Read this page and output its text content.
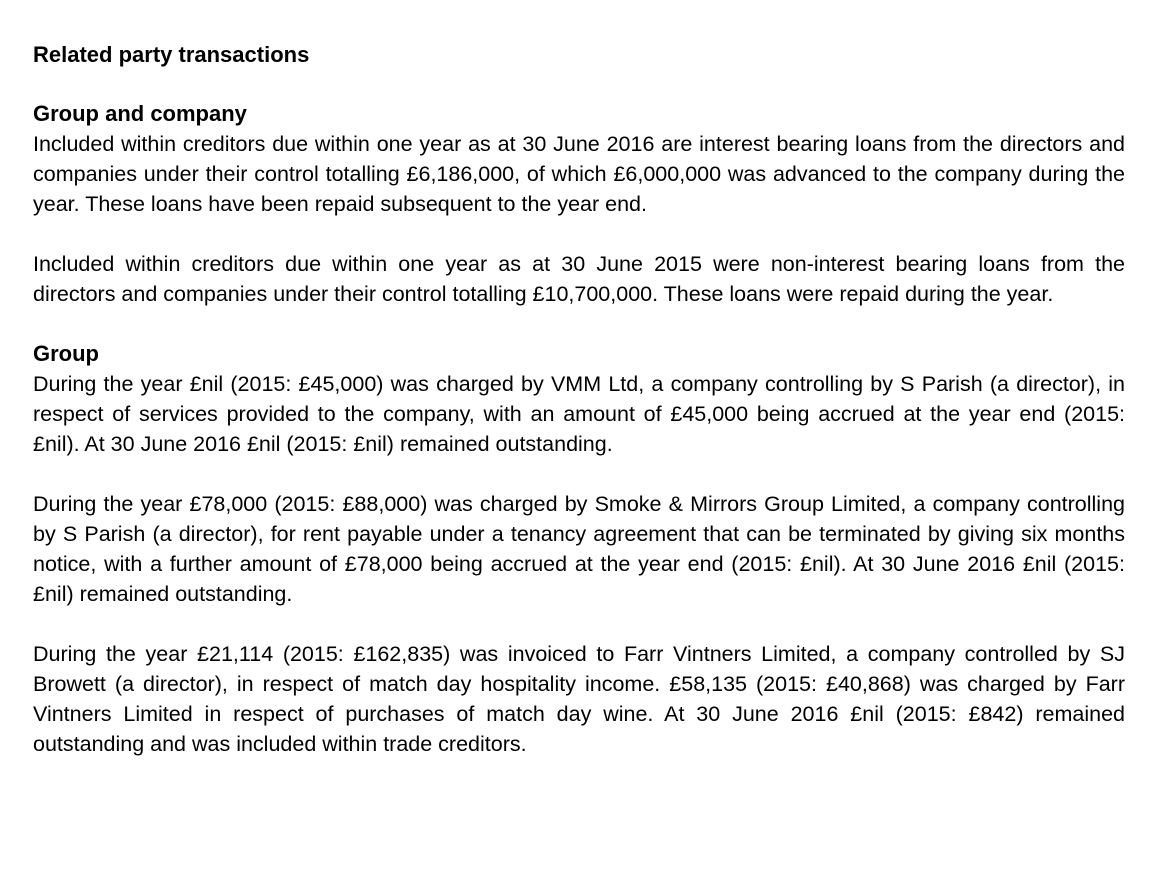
Related party transactions
Group and company

Included within creditors due within one year as at 30 June 2016 are interest bearing loans from the directors and companies under their control totalling £6,186,000, of which £6,000,000 was advanced to the company during the year. These loans have been repaid subsequent to the year end.

Included within creditors due within one year as at 30 June 2015 were non-interest bearing loans from the directors and companies under their control totalling £10,700,000. These loans were repaid during the year.

Group

During the year £nil (2015: £45,000) was charged by VMM Ltd, a company controlling by S Parish (a director), in respect of services provided to the company, with an amount of £45,000 being accrued at the year end (2015: £nil). At 30 June 2016 £nil (2015: £nil) remained outstanding.

During the year £78,000 (2015: £88,000) was charged by Smoke & Mirrors Group Limited, a company controlling by S Parish (a director), for rent payable under a tenancy agreement that can be terminated by giving six months notice, with a further amount of £78,000 being accrued at the year end (2015: £nil). At 30 June 2016 £nil (2015: £nil) remained outstanding.

During the year £21,114 (2015: £162,835) was invoiced to Farr Vintners Limited, a company controlled by SJ Browett (a director), in respect of match day hospitality income. £58,135 (2015: £40,868) was charged by Farr Vintners Limited in respect of purchases of match day wine. At 30 June 2016 £nil (2015: £842) remained outstanding and was included within trade creditors.
